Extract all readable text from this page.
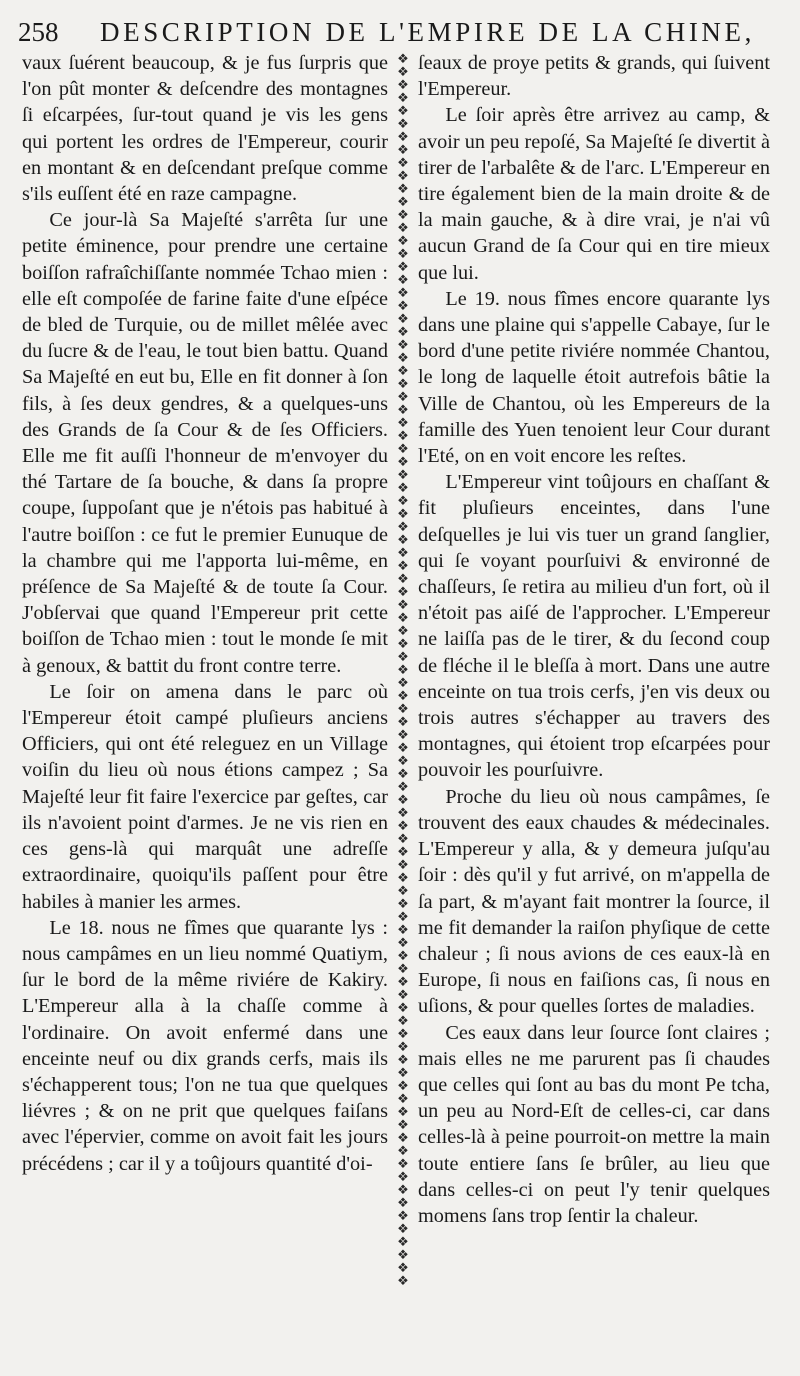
258 DESCRIPTION DE L'EMPIRE DE LA CHINE,

vaux ſuérent beaucoup, & je fus ſurpris que l'on pût monter & deſcendre des montagnes ſi eſcarpées, ſur-tout quand je vis les gens qui portent les ordres de l'Empereur, courir en montant & en deſcendant preſque comme s'ils euſſent été en raze campagne.

Ce jour-là Sa Majeſté s'arrêta ſur une petite éminence, pour prendre une certaine boiſſon rafraîchiſſante nommée Tchao mien : elle eſt compoſée de farine faite d'une eſpéce de bled de Turquie, ou de millet mêlée avec du ſucre & de l'eau, le tout bien battu. Quand Sa Majeſté en eut bu, Elle en fit donner à ſon fils, à ſes deux gendres, & a quelques-uns des Grands de ſa Cour & de ſes Officiers. Elle me fit auſſi l'honneur de m'envoyer du thé Tartare de ſa bouche, & dans ſa propre coupe, ſuppoſant que je n'étois pas habitué à l'autre boiſſon : ce fut le premier Eunuque de la chambre qui me l'apporta lui-même, en préſence de Sa Majeſté & de toute ſa Cour. J'obſervai que quand l'Empereur prit cette boiſſon de Tchao mien : tout le monde ſe mit à genoux, & battit du front contre terre.

Le ſoir on amena dans le parc où l'Empereur étoit campé pluſieurs anciens Officiers, qui ont été releguez en un Village voiſin du lieu où nous étions campez ; Sa Majeſté leur fit faire l'exercice par geſtes, car ils n'avoient point d'armes. Je ne vis rien en ces gens-là qui marquât une adreſſe extraordinaire, quoiqu'ils paſſent pour être habiles à manier les armes.

Le 18. nous ne fîmes que quarante lys : nous campâmes en un lieu nommé Quatiym, ſur le bord de la même riviére de Kakiry. L'Empereur alla à la chaſſe comme à l'ordinaire. On avoit enfermé dans une enceinte neuf ou dix grands cerfs, mais ils s'échapperent tous; l'on ne tua que quelques liévres ; & on ne prit que quelques faiſans avec l'épervier, comme on avoit fait les jours précédens ; car il y a toûjours quantité d'oi-

❖
❖
❖
❖
❖
❖
❖
❖
❖
❖
❖
❖
❖
❖
❖
❖
❖
❖
❖
❖
❖
❖
❖
❖
❖
❖
❖
❖
❖
❖
❖
❖
❖
❖
❖
❖
❖
❖
❖
❖
❖
❖
❖
❖
❖
❖
❖
❖
❖
❖
❖
❖
❖
❖
❖
❖
❖
❖
❖
❖
❖
❖
❖
❖
❖
❖
❖
❖
❖
❖
❖
❖
❖
❖
❖
❖
❖
❖
❖
❖
❖
❖
❖
❖
❖
❖
❖
❖
❖
❖
❖
❖
❖
❖
❖

ſeaux de proye petits & grands, qui ſuivent l'Empereur.

Le ſoir après être arrivez au camp, & avoir un peu repoſé, Sa Majeſté ſe divertit à tirer de l'arbalête & de l'arc. L'Empereur en tire également bien de la main droite & de la main gauche, & à dire vrai, je n'ai vû aucun Grand de ſa Cour qui en tire mieux que lui.

Le 19. nous fîmes encore quarante lys dans une plaine qui s'appelle Cabaye, ſur le bord d'une petite riviére nommée Chantou, le long de laquelle étoit autrefois bâtie la Ville de Chantou, où les Empereurs de la famille des Yuen tenoient leur Cour durant l'Eté, on en voit encore les reſtes.

L'Empereur vint toûjours en chaſſant & fit pluſieurs enceintes, dans l'une deſquelles je lui vis tuer un grand ſanglier, qui ſe voyant pourſuivi & environné de chaſſeurs, ſe retira au milieu d'un fort, où il n'étoit pas aiſé de l'approcher. L'Empereur ne laiſſa pas de le tirer, & du ſecond coup de fléche il le bleſſa à mort. Dans une autre enceinte on tua trois cerfs, j'en vis deux ou trois autres s'échapper au travers des montagnes, qui étoient trop eſcarpées pour pouvoir les pourſuivre.

Proche du lieu où nous campâmes, ſe trouvent des eaux chaudes & médecinales. L'Empereur y alla, & y demeura juſqu'au ſoir : dès qu'il y fut arrivé, on m'appella de ſa part, & m'ayant fait montrer la ſource, il me fit demander la raiſon phyſique de cette chaleur ; ſi nous avions de ces eaux-là en Europe, ſi nous en faiſions cas, ſi nous en uſions, & pour quelles ſortes de maladies.

Ces eaux dans leur ſource ſont claires ; mais elles ne me parurent pas ſi chaudes que celles qui ſont au bas du mont Pe tcha, un peu au Nord-Eſt de celles-ci, car dans celles-là à peine pourroit-on mettre la main toute entiere ſans ſe brûler, au lieu que dans celles-ci on peut l'y tenir quelques momens ſans trop ſentir la chaleur.
